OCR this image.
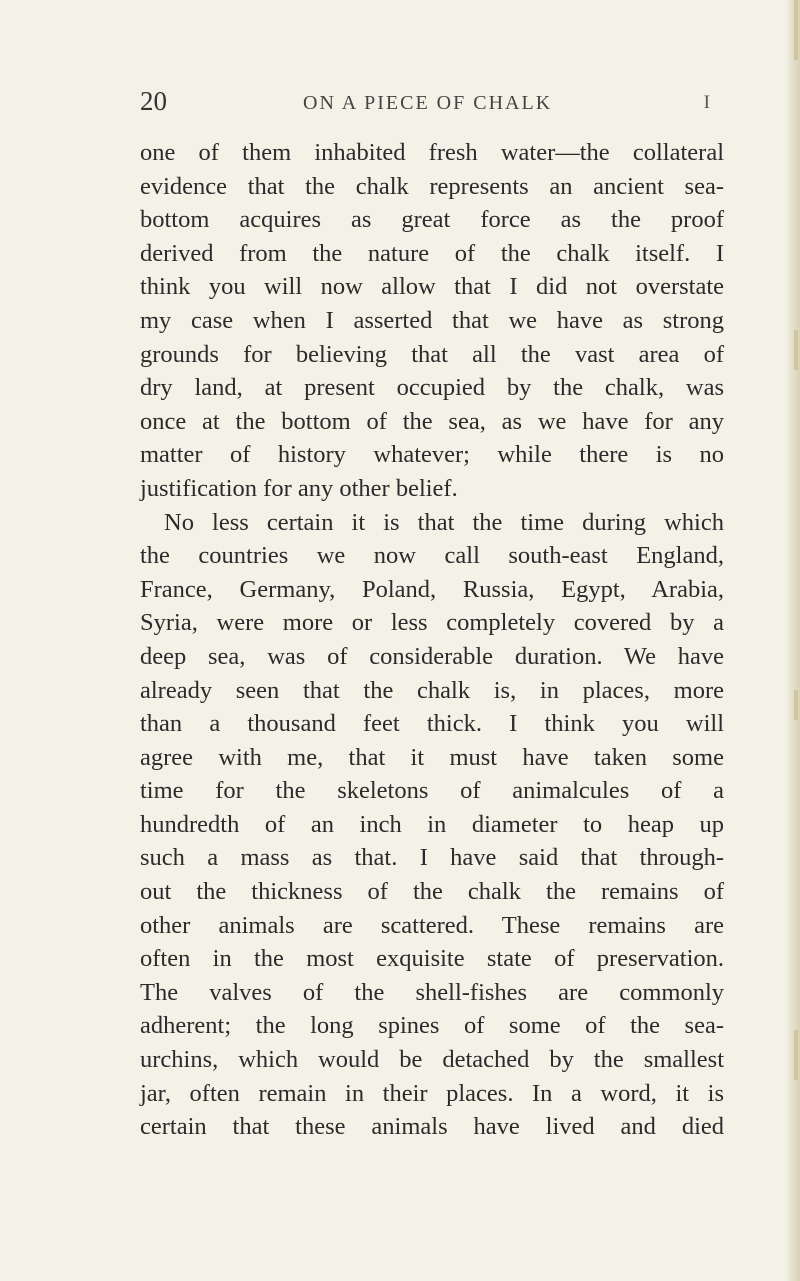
20	ON A PIECE OF CHALK	I
one of them inhabited fresh water—the collateral
evidence that the chalk represents an ancient sea-
bottom acquires as great force as the proof
derived from the nature of the chalk itself. I
think you will now allow that I did not overstate
my case when I asserted that we have as strong
grounds for believing that all the vast area of
dry land, at present occupied by the chalk, was
once at the bottom of the sea, as we have for any
matter of history whatever; while there is no
justification for any other belief.
No less certain it is that the time during which
the countries we now call south-east England,
France, Germany, Poland, Russia, Egypt, Arabia,
Syria, were more or less completely covered by a
deep sea, was of considerable duration. We have
already seen that the chalk is, in places, more
than a thousand feet thick. I think you will
agree with me, that it must have taken some
time for the skeletons of animalcules of a
hundredth of an inch in diameter to heap up
such a mass as that. I have said that through-
out the thickness of the chalk the remains of
other animals are scattered. These remains are
often in the most exquisite state of preservation.
The valves of the shell-fishes are commonly
adherent; the long spines of some of the sea-
urchins, which would be detached by the smallest
jar, often remain in their places. In a word, it is
certain that these animals have lived and died
